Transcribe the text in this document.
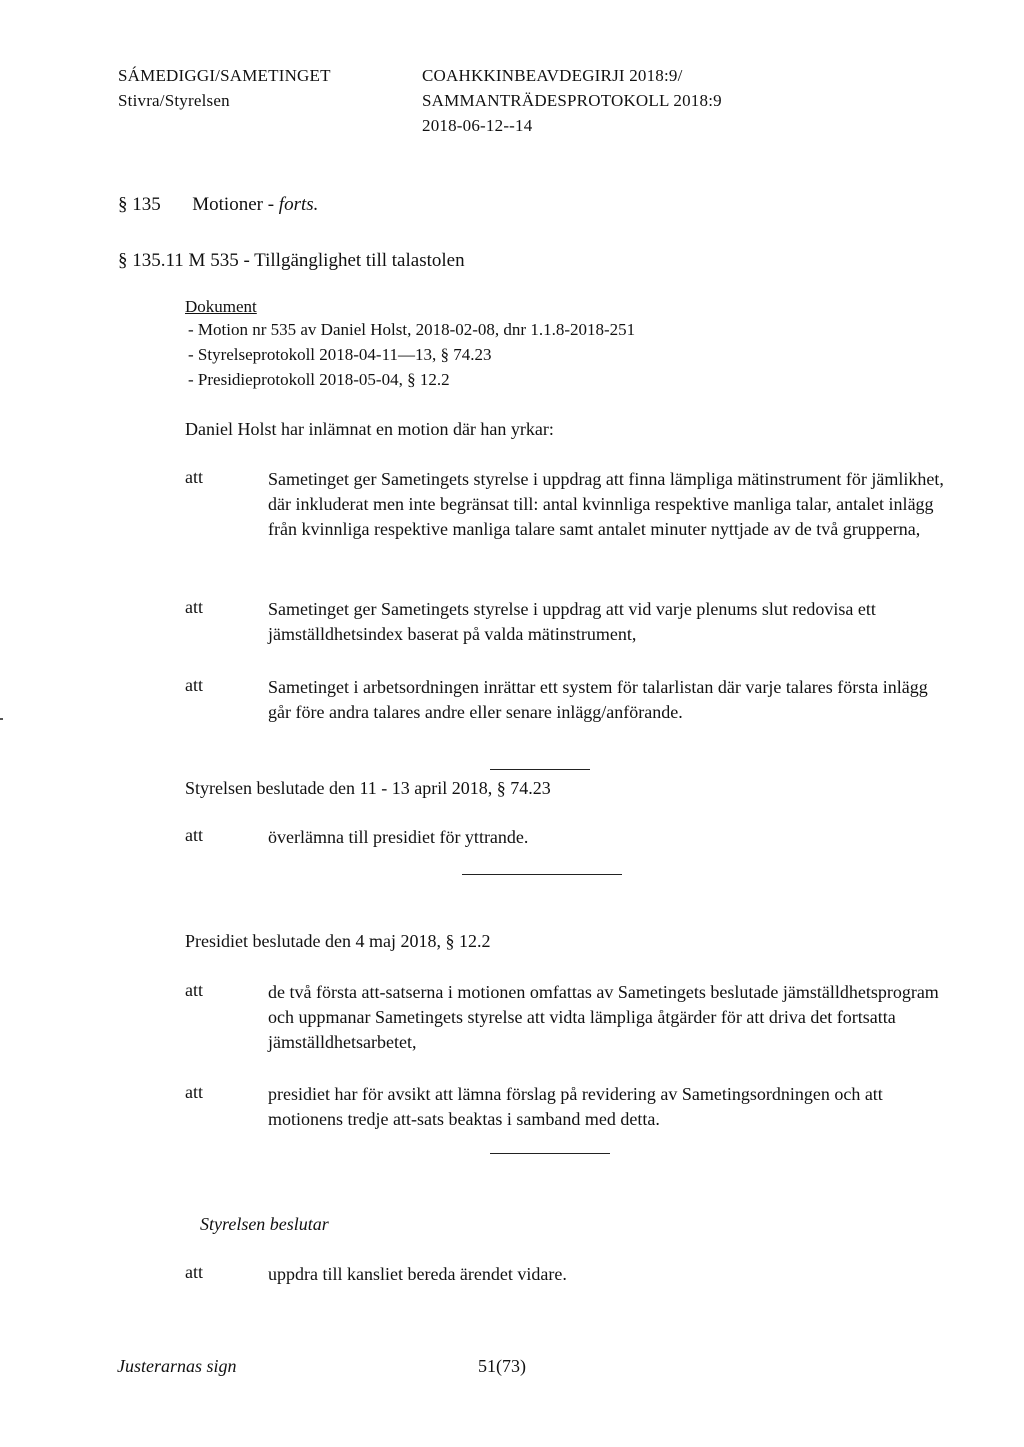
SÁMEDIGGI/SAMETINGET
Stivra/Styrelsen
COAHKKINBEAVDEGIRJI 2018:9/
SAMMANTRÄDESPROTOKOLL 2018:9
2018-06-12--14
§ 135 Motioner - forts.
§ 135.11 M 535 - Tillgänglighet till talastolen
Dokument
- Motion nr 535 av Daniel Holst, 2018-02-08, dnr 1.1.8-2018-251
- Styrelseprotokoll 2018-04-11—13, § 74.23
- Presidieprotokoll 2018-05-04, § 12.2
Daniel Holst har inlämnat en motion där han yrkar:
att	Sametinget ger Sametingets styrelse i uppdrag att finna lämpliga mätinstrument för jämlikhet, där inkluderat men inte begränsat till: antal kvinnliga respektive manliga talar, antalet inlägg från kvinnliga respektive manliga talare samt antalet minuter nyttjade av de två grupperna,
att	Sametinget ger Sametingets styrelse i uppdrag att vid varje plenums slut redovisa ett jämställdhetsindex baserat på valda mätinstrument,
att	Sametinget i arbetsordningen inrättar ett system för talarlistan där varje talares första inlägg går före andra talares andre eller senare inlägg/anförande.
Styrelsen beslutade den 11 - 13 april 2018, § 74.23
att	överlämna till presidiet för yttrande.
Presidiet beslutade den 4 maj 2018, § 12.2
att	de två första att-satserna i motionen omfattas av Sametingets beslutade jämställdhetsprogram och uppmanar Sametingets styrelse att vidta lämpliga åtgärder för att driva det fortsatta jämställdhetsarbetet,
att	presidiet har för avsikt att lämna förslag på revidering av Sametingsordningen och att motionens tredje att-sats beaktas i samband med detta.
Styrelsen beslutar
att	uppdra till kansliet bereda ärendet vidare.
Justerarnas sign	51(73)
